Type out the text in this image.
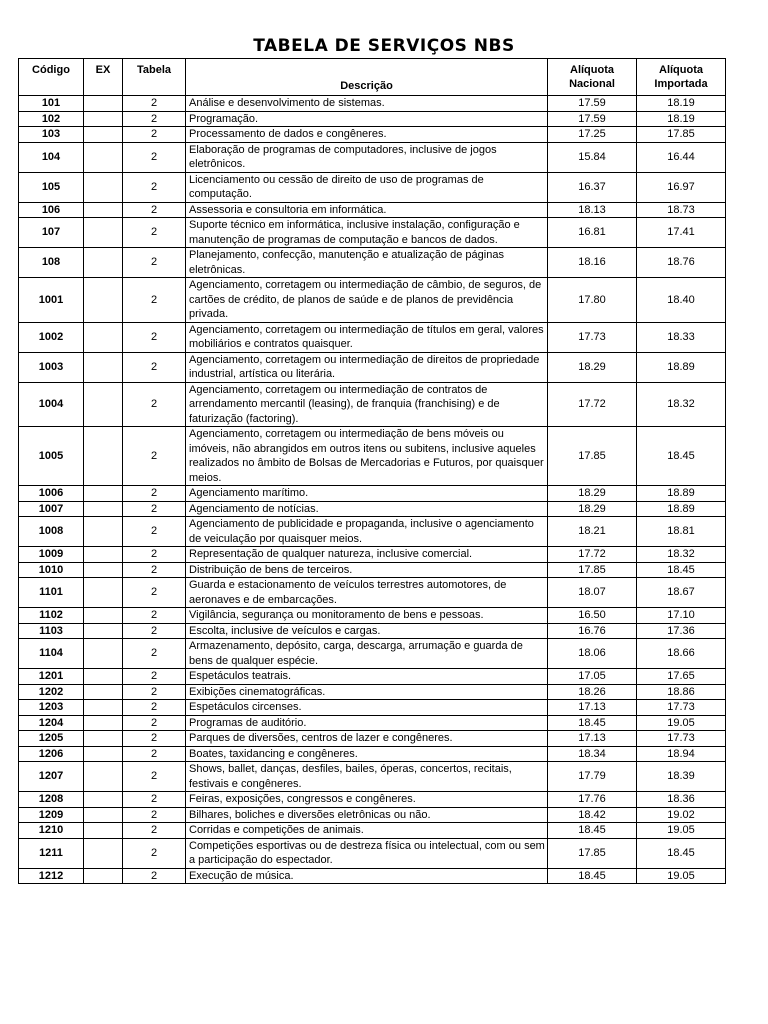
TABELA DE SERVIÇOS NBS
Código	EX	Tabela	Descrição	Alíquota Nacional	Alíquota Importada
101		2	Análise e desenvolvimento de sistemas.	17.59	18.19
102		2	Programação.	17.59	18.19
103		2	Processamento de dados e congêneres.	17.25	17.85
104		2	Elaboração de programas de computadores, inclusive de jogos eletrônicos.	15.84	16.44
105		2	Licenciamento ou cessão de direito de uso de programas de computação.	16.37	16.97
106		2	Assessoria e consultoria em informática.	18.13	18.73
107		2	Suporte técnico em informática, inclusive instalação, configuração e manutenção de programas de computação e bancos de dados.	16.81	17.41
108		2	Planejamento, confecção, manutenção e atualização de páginas eletrônicas.	18.16	18.76
1001		2	Agenciamento, corretagem ou intermediação de câmbio, de seguros, de cartões de crédito, de planos de saúde e de planos de previdência privada.	17.80	18.40
1002		2	Agenciamento, corretagem ou intermediação de títulos em geral, valores mobiliários e contratos quaisquer.	17.73	18.33
1003		2	Agenciamento, corretagem ou intermediação de direitos de propriedade industrial, artística ou literária.	18.29	18.89
1004		2	Agenciamento, corretagem ou intermediação de contratos de arrendamento mercantil (leasing), de franquia (franchising) e de faturização (factoring).	17.72	18.32
1005		2	Agenciamento, corretagem ou intermediação de bens móveis ou imóveis, não abrangidos em outros itens ou subitens, inclusive aqueles realizados no âmbito de Bolsas de Mercadorias e Futuros, por quaisquer meios.	17.85	18.45
1006		2	Agenciamento marítimo.	18.29	18.89
1007		2	Agenciamento de notícias.	18.29	18.89
1008		2	Agenciamento de publicidade e propaganda, inclusive o agenciamento de veiculação por quaisquer meios.	18.21	18.81
1009		2	Representação de qualquer natureza, inclusive comercial.	17.72	18.32
1010		2	Distribuição de bens de terceiros.	17.85	18.45
1101		2	Guarda e estacionamento de veículos terrestres automotores, de aeronaves e de embarcações.	18.07	18.67
1102		2	Vigilância, segurança ou monitoramento de bens e pessoas.	16.50	17.10
1103		2	Escolta, inclusive de veículos e cargas.	16.76	17.36
1104		2	Armazenamento, depósito, carga, descarga, arrumação e guarda de bens de qualquer espécie.	18.06	18.66
1201		2	Espetáculos teatrais.	17.05	17.65
1202		2	Exibições cinematográficas.	18.26	18.86
1203		2	Espetáculos circenses.	17.13	17.73
1204		2	Programas de auditório.	18.45	19.05
1205		2	Parques de diversões, centros de lazer e congêneres.	17.13	17.73
1206		2	Boates, taxidancing e congêneres.	18.34	18.94
1207		2	Shows, ballet, danças, desfiles, bailes, óperas, concertos, recitais, festivais e congêneres.	17.79	18.39
1208		2	Feiras, exposições, congressos e congêneres.	17.76	18.36
1209		2	Bilhares, boliches e diversões eletrônicas ou não.	18.42	19.02
1210		2	Corridas e competições de animais.	18.45	19.05
1211		2	Competições esportivas ou de destreza física ou intelectual, com ou sem a participação do espectador.	17.85	18.45
1212		2	Execução de música.	18.45	19.05
